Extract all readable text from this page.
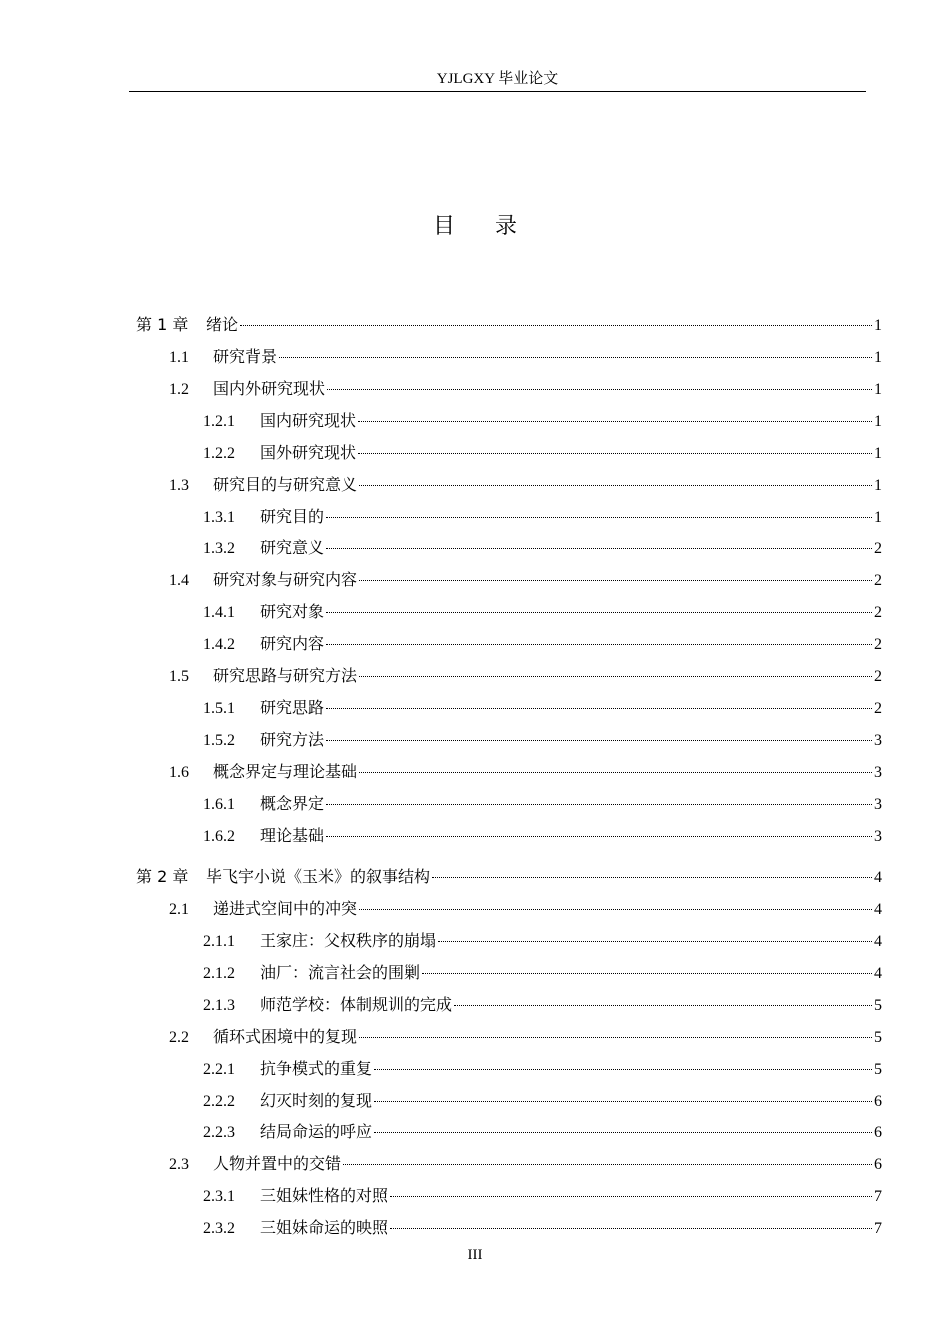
YJLGXY 毕业论文
目 录
第 1 章	绪论	1
1.1	研究背景	1
1.2	国内外研究现状	1
1.2.1	国内研究现状	1
1.2.2	国外研究现状	1
1.3	研究目的与研究意义	1
1.3.1	研究目的	1
1.3.2	研究意义	2
1.4	研究对象与研究内容	2
1.4.1	研究对象	2
1.4.2	研究内容	2
1.5	研究思路与研究方法	2
1.5.1	研究思路	2
1.5.2	研究方法	3
1.6	概念界定与理论基础	3
1.6.1	概念界定	3
1.6.2	理论基础	3
第 2 章	毕飞宇小说《玉米》的叙事结构	4
2.1	递进式空间中的冲突	4
2.1.1	王家庄：父权秩序的崩塌	4
2.1.2	油厂：流言社会的围剿	4
2.1.3	师范学校：体制规训的完成	5
2.2	循环式困境中的复现	5
2.2.1	抗争模式的重复	5
2.2.2	幻灭时刻的复现	6
2.2.3	结局命运的呼应	6
2.3	人物并置中的交错	6
2.3.1	三姐妹性格的对照	7
2.3.2	三姐妹命运的映照	7
III
